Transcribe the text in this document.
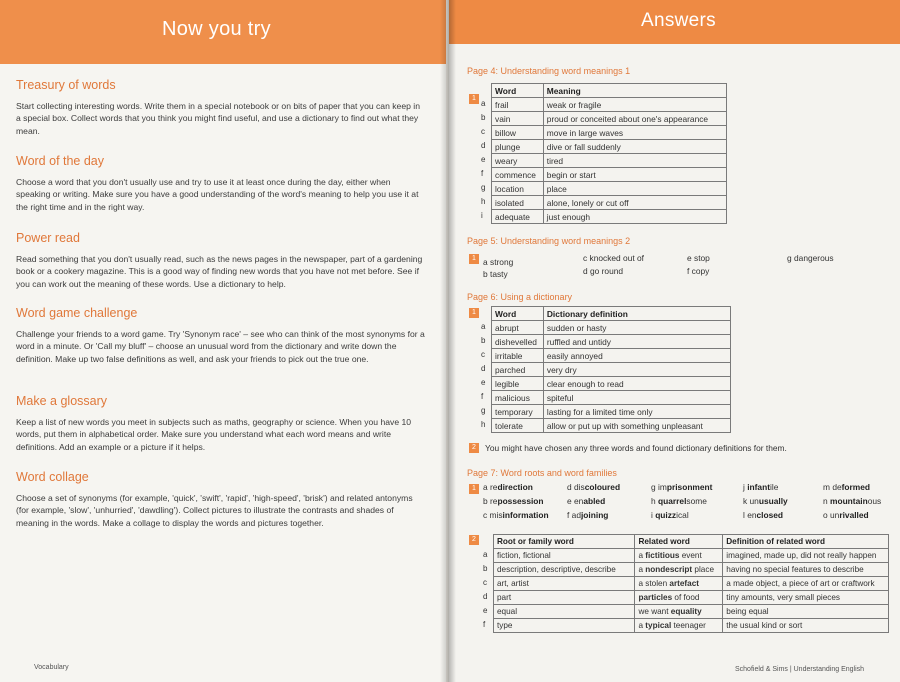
Now you try
Treasury of words
Start collecting interesting words. Write them in a special notebook or on bits of paper that you can keep in a special box. Collect words that you think you might find useful, and use a dictionary to find out what they mean.
Word of the day
Choose a word that you don't usually use and try to use it at least once during the day, either when speaking or writing. Make sure you have a good understanding of the word's meaning to help you use it at the right time and in the right way.
Power read
Read something that you don't usually read, such as the news pages in the newspaper, part of a gardening book or a cookery magazine. This is a good way of finding new words that you have not met before. See if you can work out the meaning of these words. Use a dictionary to help.
Word game challenge
Challenge your friends to a word game. Try 'Synonym race' – see who can think of the most synonyms for a word in a minute. Or 'Call my bluff' – choose an unusual word from the dictionary and write down the definition. Make up two false definitions as well, and ask your friends to pick out the true one.
Make a glossary
Keep a list of new words you meet in subjects such as maths, geography or science. When you have 10 words, put them in alphabetical order. Make sure you understand what each word means and write definitions. Add an example or a picture if it helps.
Word collage
Choose a set of synonyms (for example, 'quick', 'swift', 'rapid', 'high-speed', 'brisk') and related antonyms (for example, 'slow', 'unhurried', 'dawdling'). Collect pictures to illustrate the contrasts and shades of meaning in the words. Make a collage to display the words and pictures together.
Vocabulary
Answers
Page 4: Understanding word meanings 1
1
a
b
c
d
e
f
g
h
i
Word	Meaning
frail	weak or fragile
vain	proud or conceited about one's appearance
billow	move in large waves
plunge	dive or fall suddenly
weary	tired
commence	begin or start
location	place
isolated	alone, lonely or cut off
adequate	just enough
Page 5: Understanding word meanings 2
1 a strong
b tasty
c knocked out of
d go round
e stop
f copy
g dangerous
Page 6: Using a dictionary
1
a
b
c
d
e
f
g
h
Word	Dictionary definition
abrupt	sudden or hasty
dishevelled	ruffled and untidy
irritable	easily annoyed
parched	very dry
legible	clear enough to read
malicious	spiteful
temporary	lasting for a limited time only
tolerate	allow or put up with something unpleasant
2	You might have chosen any three words and found dictionary definitions for them.
Page 7: Word roots and word families
1 a redirection
b repossession
c misinformation
d discoloured
e enabled
f adjoining
g imprisonment
h quarrelsome
i quizzical
j infantile
k unusually
l enclosed
m deformed
n mountainous
o unrivalled
2
a
b
c
d
e
f
Root or family word	Related word	Definition of related word
fiction, fictional	a fictitious event	imagined, made up, did not really happen
description, descriptive, describe	a nondescript place	having no special features to describe
art, artist	a stolen artefact	a made object, a piece of art or craftwork
part	particles of food	tiny amounts, very small pieces
equal	we want equality	being equal
type	a typical teenager	the usual kind or sort
Schofield & Sims | Understanding English
